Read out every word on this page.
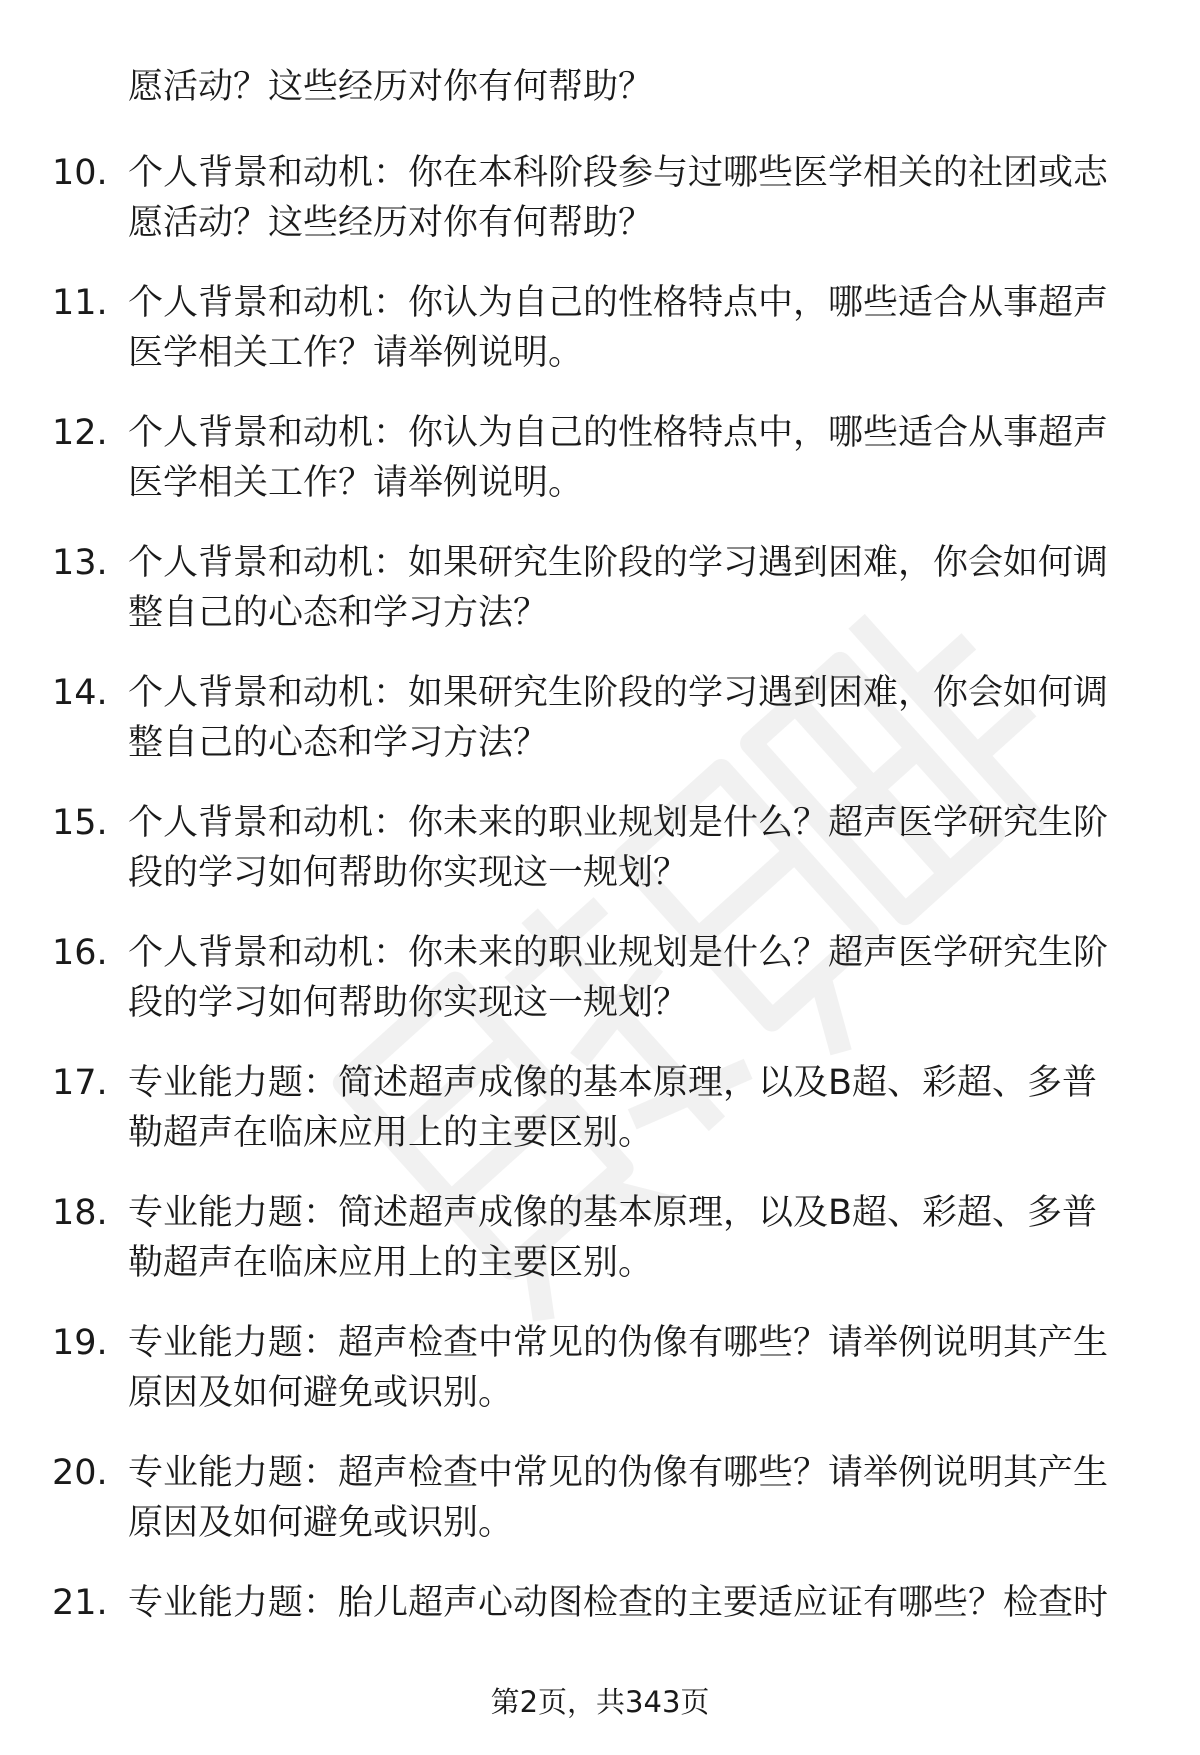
愿活动？这些经历对你有何帮助？
10. 个人背景和动机：你在本科阶段参与过哪些医学相关的社团或志
愿活动？这些经历对你有何帮助？
11. 个人背景和动机：你认为自己的性格特点中，哪些适合从事超声
医学相关工作？请举例说明。
12. 个人背景和动机：你认为自己的性格特点中，哪些适合从事超声
医学相关工作？请举例说明。
13. 个人背景和动机：如果研究生阶段的学习遇到困难，你会如何调
整自己的心态和学习方法？
14. 个人背景和动机：如果研究生阶段的学习遇到困难，你会如何调
整自己的心态和学习方法？
15. 个人背景和动机：你未来的职业规划是什么？超声医学研究生阶
段的学习如何帮助你实现这一规划？
16. 个人背景和动机：你未来的职业规划是什么？超声医学研究生阶
段的学习如何帮助你实现这一规划？
17. 专业能力题：简述超声成像的基本原理，以及B超、彩超、多普
勒超声在临床应用上的主要区别。
18. 专业能力题：简述超声成像的基本原理，以及B超、彩超、多普
勒超声在临床应用上的主要区别。
19. 专业能力题：超声检查中常见的伪像有哪些？请举例说明其产生
原因及如何避免或识别。
20. 专业能力题：超声检查中常见的伪像有哪些？请举例说明其产生
原因及如何避免或识别。
21. 专业能力题：胎儿超声心动图检查的主要适应证有哪些？检查时
第2页，共343页
